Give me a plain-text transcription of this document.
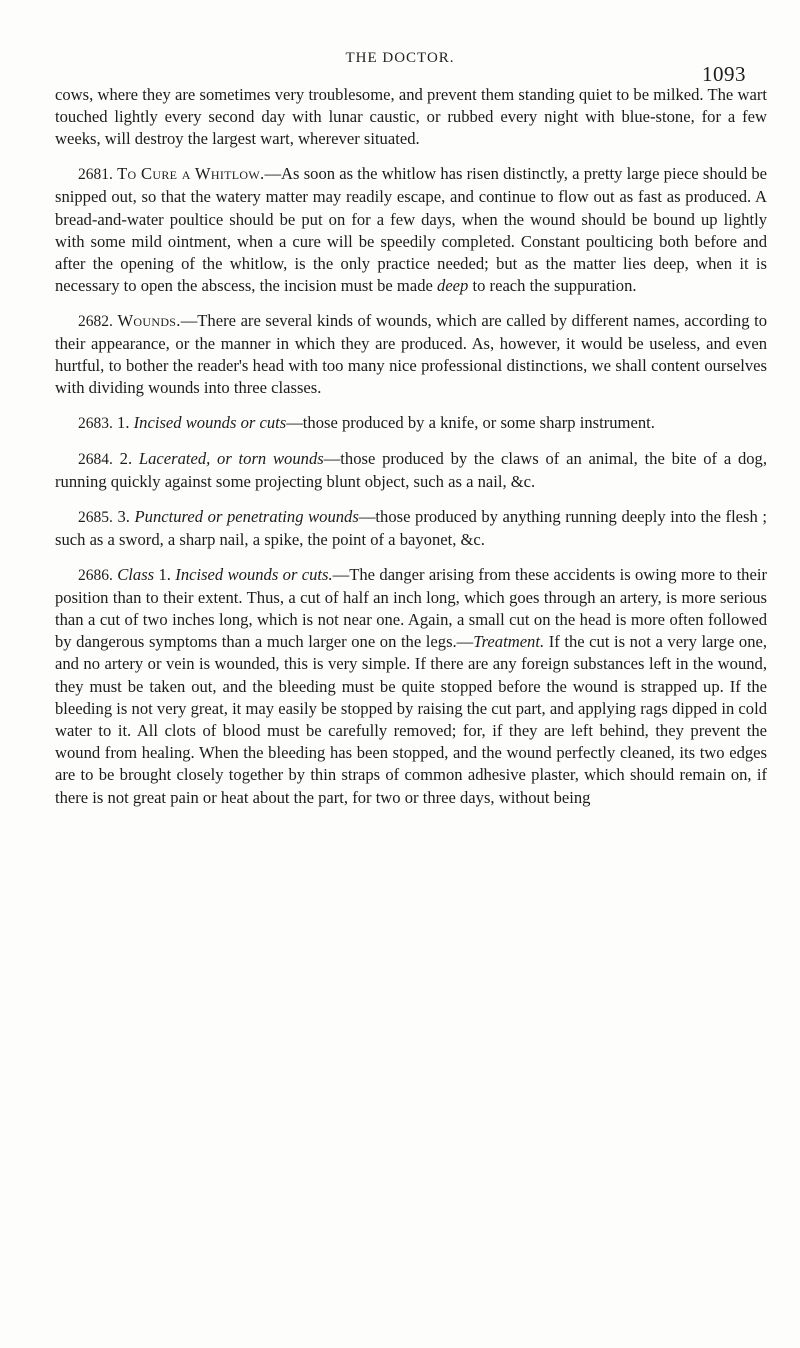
THE DOCTOR.
1093

cows, where they are sometimes very troublesome, and prevent them standing quiet to be milked. The wart touched lightly every second day with lunar caustic, or rubbed every night with blue-stone, for a few weeks, will destroy the largest wart, wherever situated.

2681. To Cure a Whitlow.—As soon as the whitlow has risen distinctly, a pretty large piece should be snipped out, so that the watery matter may readily escape, and continue to flow out as fast as produced. A bread-and-water poultice should be put on for a few days, when the wound should be bound up lightly with some mild ointment, when a cure will be speedily completed. Constant poulticing both before and after the opening of the whitlow, is the only practice needed; but as the matter lies deep, when it is necessary to open the abscess, the incision must be made deep to reach the suppuration.

2682. Wounds.—There are several kinds of wounds, which are called by different names, according to their appearance, or the manner in which they are produced. As, however, it would be useless, and even hurtful, to bother the reader's head with too many nice professional distinctions, we shall content ourselves with dividing wounds into three classes.

2683. 1. Incised wounds or cuts—those produced by a knife, or some sharp instrument.

2684. 2. Lacerated, or torn wounds—those produced by the claws of an animal, the bite of a dog, running quickly against some projecting blunt object, such as a nail, &c.

2685. 3. Punctured or penetrating wounds—those produced by anything running deeply into the flesh ; such as a sword, a sharp nail, a spike, the point of a bayonet, &c.

2686. Class 1. Incised wounds or cuts.—The danger arising from these accidents is owing more to their position than to their extent. Thus, a cut of half an inch long, which goes through an artery, is more serious than a cut of two inches long, which is not near one. Again, a small cut on the head is more often followed by dangerous symptoms than a much larger one on the legs.—Treatment. If the cut is not a very large one, and no artery or vein is wounded, this is very simple. If there are any foreign substances left in the wound, they must be taken out, and the bleeding must be quite stopped before the wound is strapped up. If the bleeding is not very great, it may easily be stopped by raising the cut part, and applying rags dipped in cold water to it. All clots of blood must be carefully removed; for, if they are left behind, they prevent the wound from healing. When the bleeding has been stopped, and the wound perfectly cleaned, its two edges are to be brought closely together by thin straps of common adhesive plaster, which should remain on, if there is not great pain or heat about the part, for two or three days, without being
